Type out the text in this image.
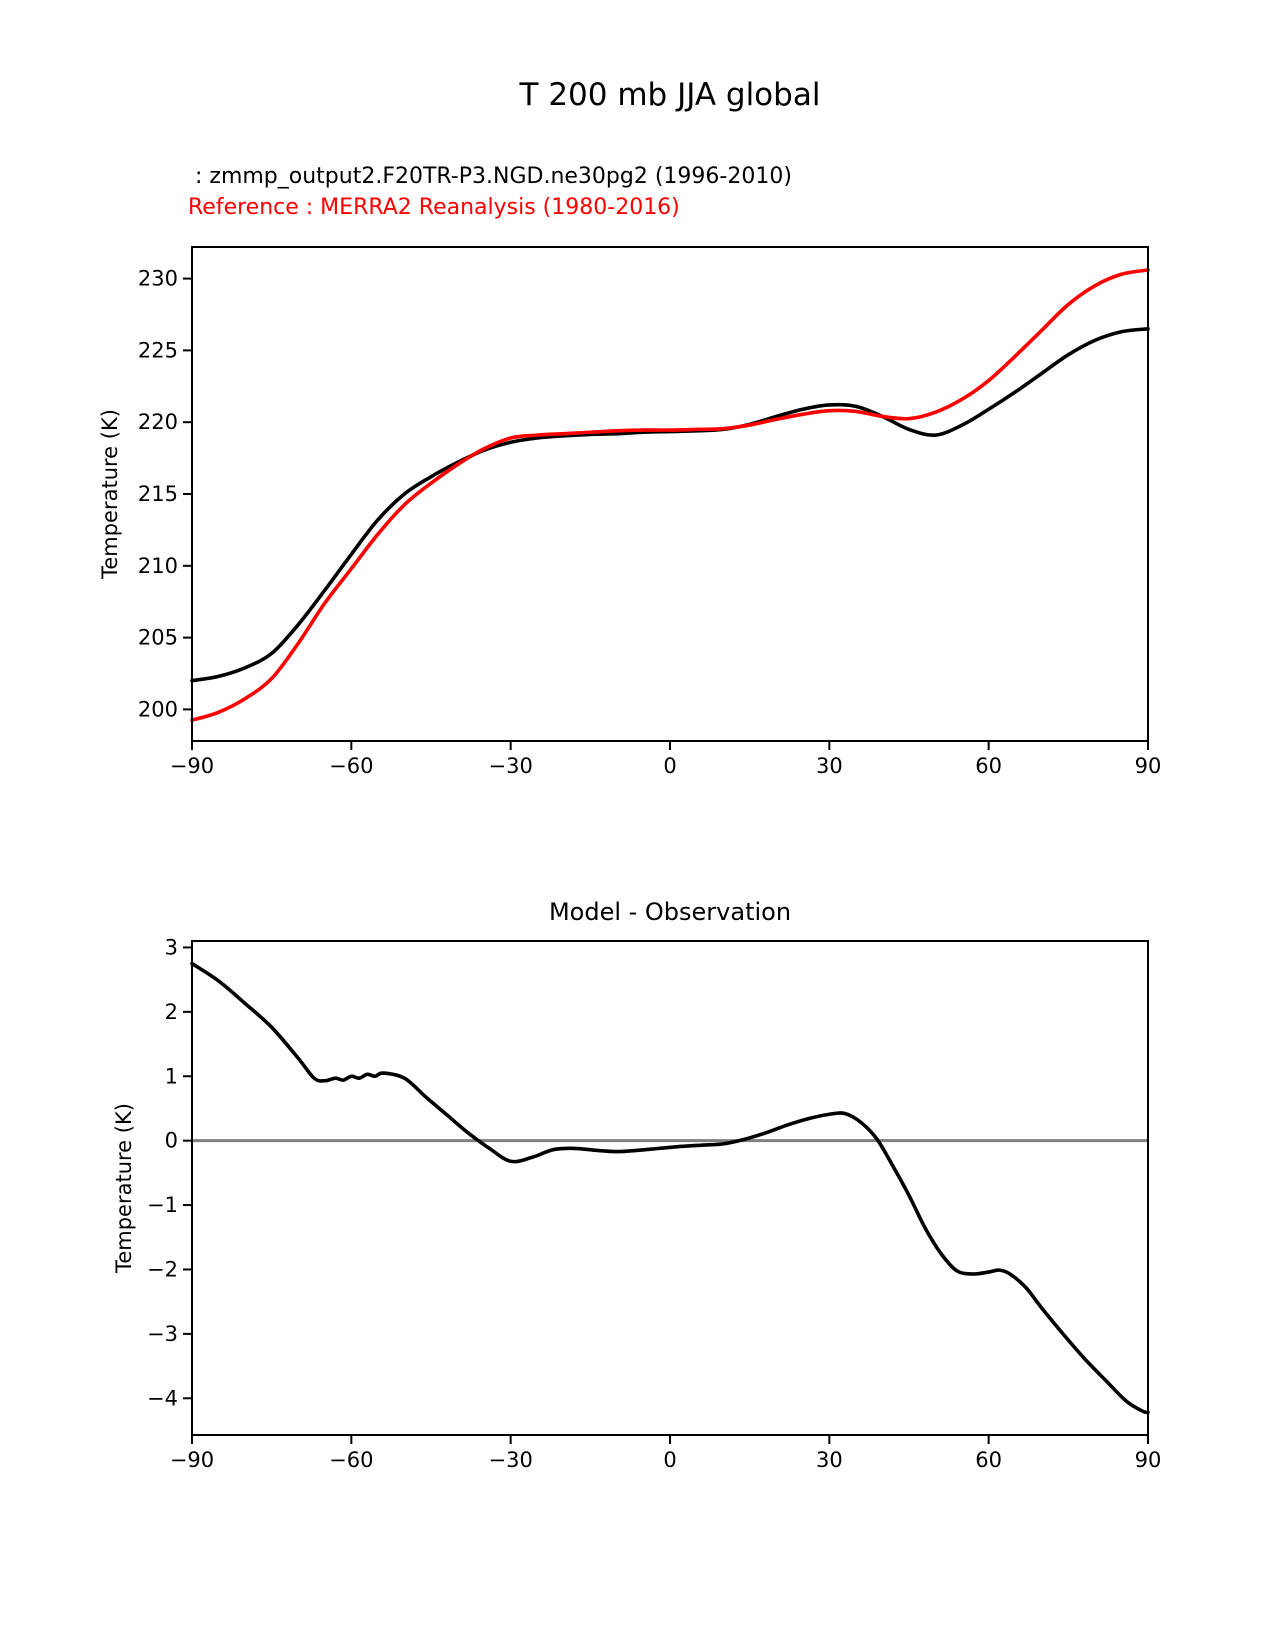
T 200 mb JJA global
: zmmp_output2.F20TR-P3.NGD.ne30pg2 (1996-2010)
Reference : MERRA2 Reanalysis (1980-2016)
Model - Observation
−90	−60	−30	0	30	60	90
200
205
210
215
220
225
230
Temperature (K)
−90	−60	−30	0	30	60	90
3
2
1
0
−1
−2
−3
−4
Temperature (K)
